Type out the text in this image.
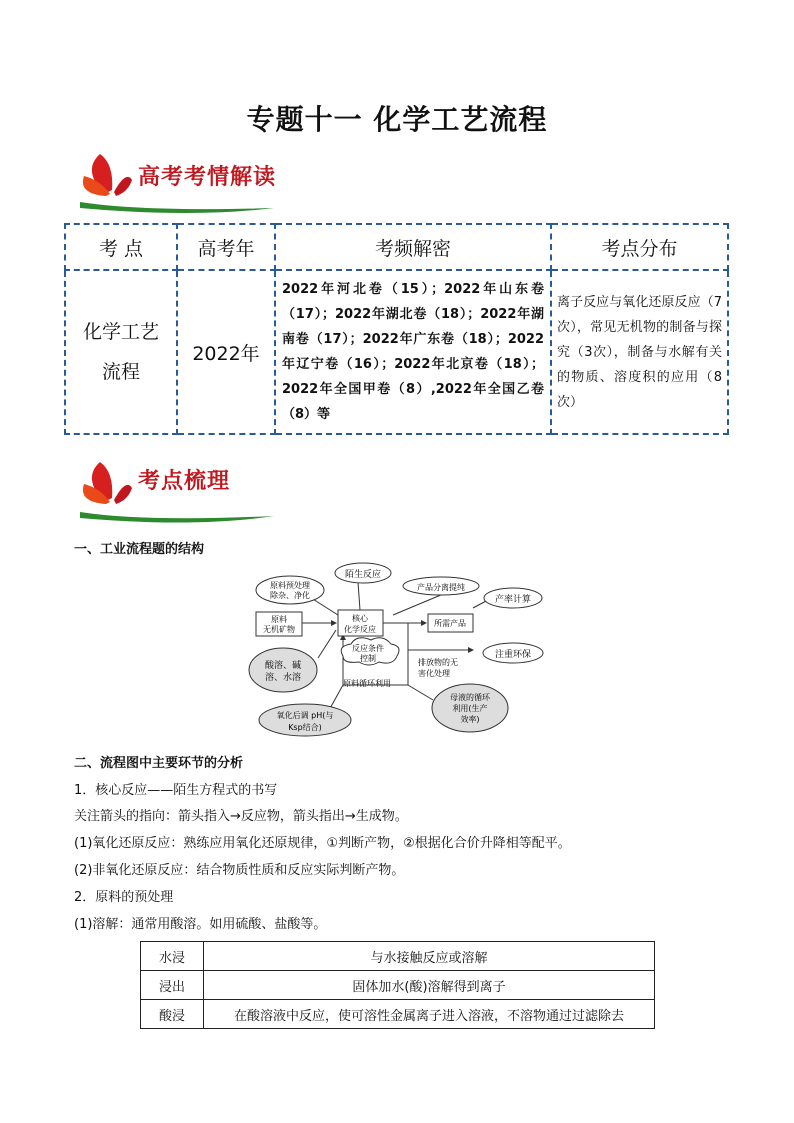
专题十一 化学工艺流程
高考考情解读
考 点	高考年	考频解密	考点分布

化学工艺流程	2022年	2022年河北卷（15）；2022年山东卷（17）；2022年湖北卷（18）；2022年湖南卷（17）；2022年广东卷（18）；2022年辽宁卷（16）；2022年北京卷（18）；2022年全国甲卷（8）,2022年全国乙卷（8）等	离子反应与氧化还原反应（7次），常见无机物的制备与探究（3次），制备与水解有关的物质、溶度积的应用（8次）
考点梳理
一、工业流程题的结构
原料
无机矿物
原料预处理
除杂、净化
陌生反应
核心
化学反应
产品分离提纯
所需产品
产率计算
反应条件
控制
酸溶、碱
溶、水溶
排放物的无
害化处理
注重环保
原料循环利用
母液的循环
利用(生产
效率)
氧化后调 pH(与
Ksp结合)
二、流程图中主要环节的分析
1．核心反应——陌生方程式的书写
关注箭头的指向：箭头指入→反应物，箭头指出→生成物。
(1)氧化还原反应：熟练应用氧化还原规律，①判断产物，②根据化合价升降相等配平。
(2)非氧化还原反应：结合物质性质和反应实际判断产物。
2．原料的预处理
(1)溶解：通常用酸溶。如用硫酸、盐酸等。
水浸	与水接触反应或溶解
浸出	固体加水(酸)溶解得到离子
酸浸	在酸溶液中反应，使可溶性金属离子进入溶液，不溶物通过过滤除去
